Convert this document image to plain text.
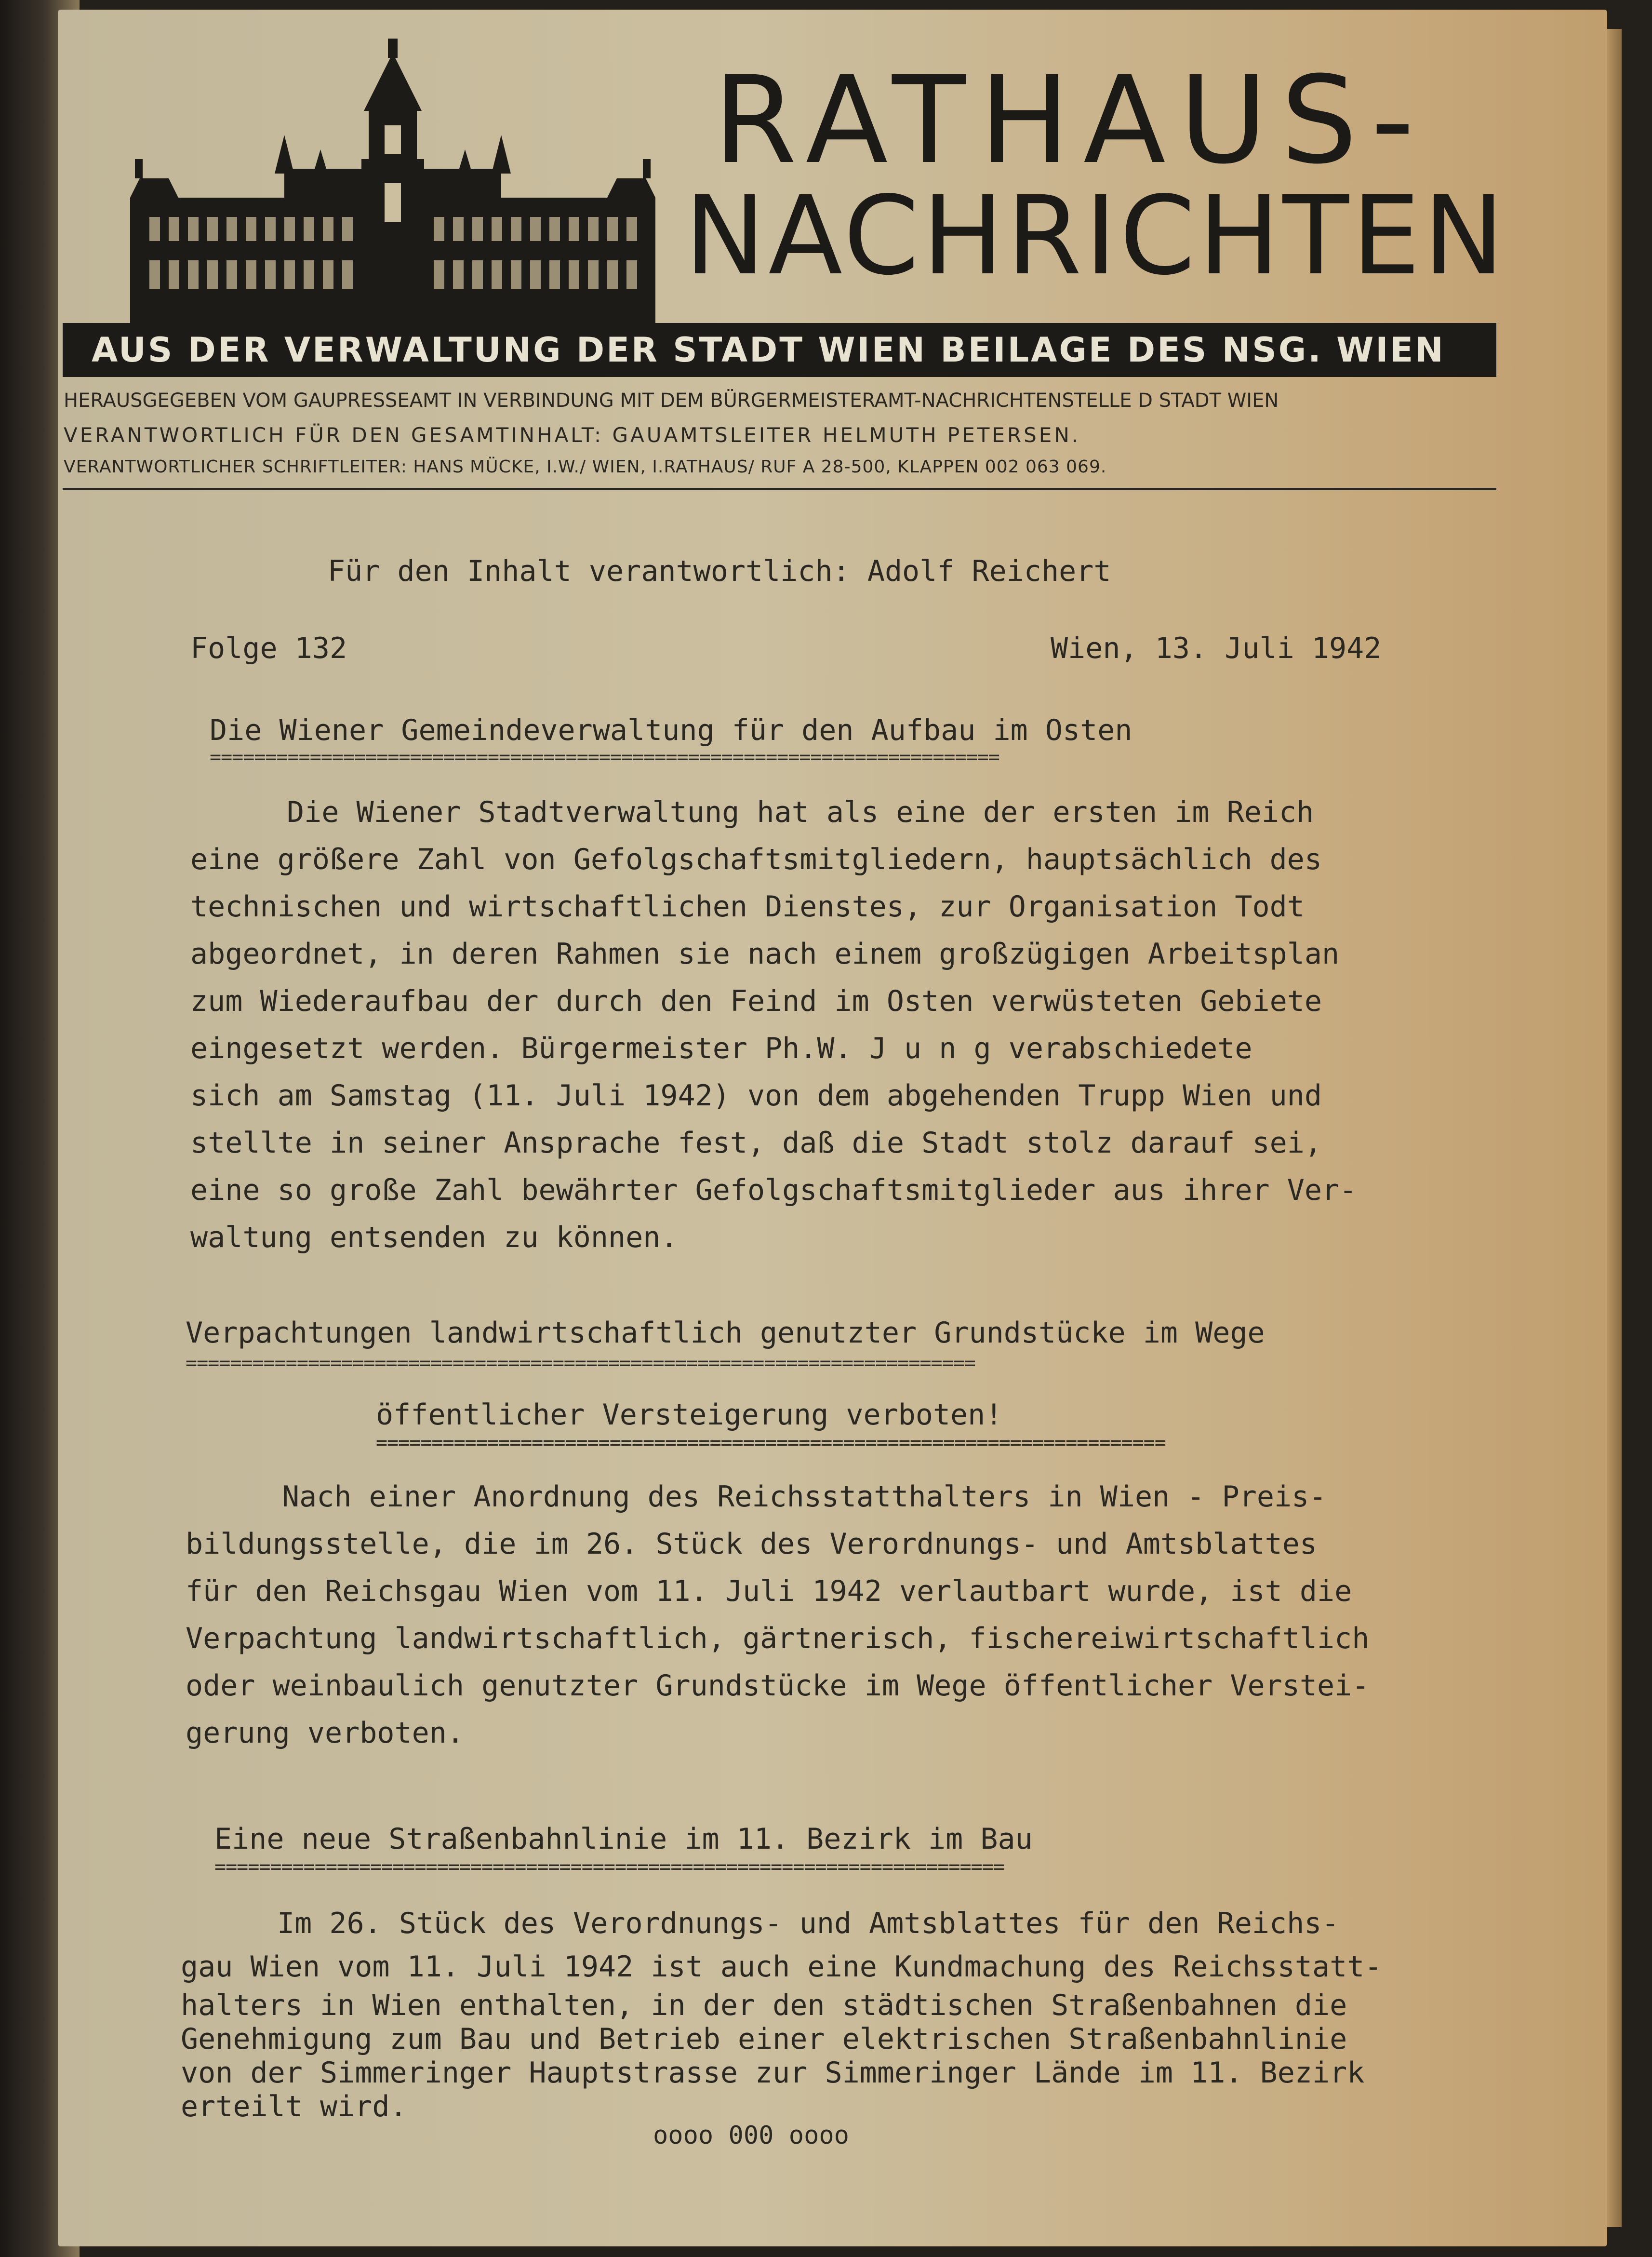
RATHAUS-
NACHRICHTEN
AUS DER VERWALTUNG DER STADT WIEN BEILAGE DES NSG. WIEN
HERAUSGEGEBEN VOM GAUPRESSEAMT IN VERBINDUNG MIT DEM BÜRGERMEISTERAMT-NACHRICHTENSTELLE D STADT WIEN
VERANTWORTLICH FÜR DEN GESAMTINHALT: GAUAMTSLEITER HELMUTH PETERSEN.
VERANTWORTLICHER SCHRIFTLEITER: HANS MÜCKE, I.W./ WIEN, I.RATHAUS/ RUF A 28-500, KLAPPEN 002 063 069.
Für den Inhalt verantwortlich: Adolf Reichert
Folge 132	Wien, 13. Juli 1942
Die Wiener Gemeindeverwaltung für den Aufbau im Osten
=======================================================================
Die Wiener Stadtverwaltung hat als eine der ersten im Reich
eine größere Zahl von Gefolgschaftsmitgliedern, hauptsächlich des
technischen und wirtschaftlichen Dienstes, zur Organisation Todt
abgeordnet, in deren Rahmen sie nach einem großzügigen Arbeitsplan
zum Wiederaufbau der durch den Feind im Osten verwüsteten Gebiete
eingesetzt werden. Bürgermeister Ph.W. J u n g verabschiedete
sich am Samstag (11. Juli 1942) von dem abgehenden Trupp Wien und
stellte in seiner Ansprache fest, daß die Stadt stolz darauf sei,
eine so große Zahl bewährter Gefolgschaftsmitglieder aus ihrer Ver-
waltung entsenden zu können.
Verpachtungen landwirtschaftlich genutzter Grundstücke im Wege
=======================================================================
öffentlicher Versteigerung verboten!
=======================================================================
Nach einer Anordnung des Reichsstatthalters in Wien - Preis-
bildungsstelle, die im 26. Stück des Verordnungs- und Amtsblattes
für den Reichsgau Wien vom 11. Juli 1942 verlautbart wurde, ist die
Verpachtung landwirtschaftlich, gärtnerisch, fischereiwirtschaftlich
oder weinbaulich genutzter Grundstücke im Wege öffentlicher Verstei-
gerung verboten.
Eine neue Straßenbahnlinie im 11. Bezirk im Bau
=======================================================================
Im 26. Stück des Verordnungs- und Amtsblattes für den Reichs-
gau Wien vom 11. Juli 1942 ist auch eine Kundmachung des Reichsstatt-
halters in Wien enthalten, in der den städtischen Straßenbahnen die
Genehmigung zum Bau und Betrieb einer elektrischen Straßenbahnlinie
von der Simmeringer Hauptstrasse zur Simmeringer Lände im 11. Bezirk
erteilt wird.
oooo 000 oooo
